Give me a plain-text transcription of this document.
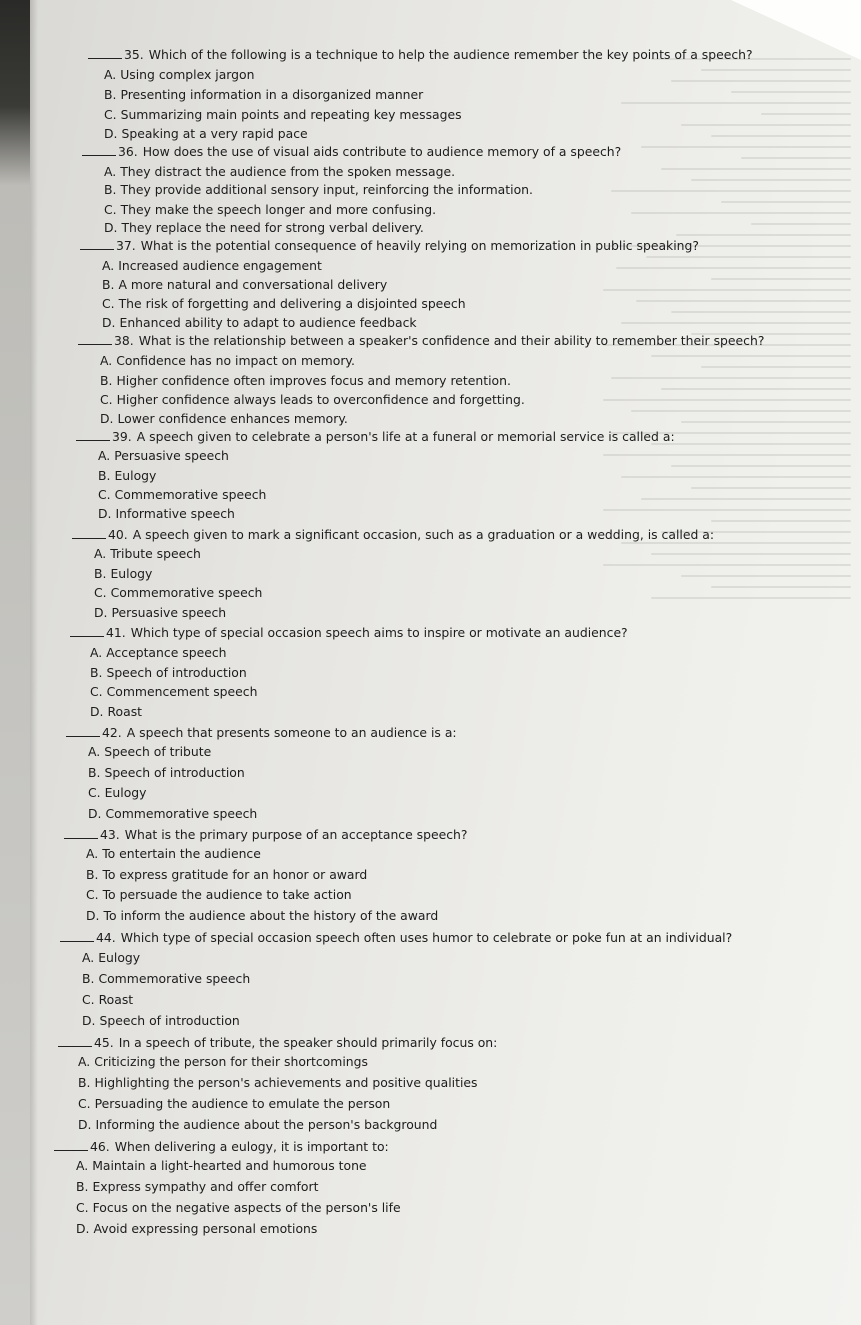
35. Which of the following is a technique to help the audience remember the key points of a speech?
A. Using complex jargon
B. Presenting information in a disorganized manner
C. Summarizing main points and repeating key messages
D. Speaking at a very rapid pace
36. How does the use of visual aids contribute to audience memory of a speech?
A. They distract the audience from the spoken message.
B. They provide additional sensory input, reinforcing the information.
C. They make the speech longer and more confusing.
D. They replace the need for strong verbal delivery.
37. What is the potential consequence of heavily relying on memorization in public speaking?
A. Increased audience engagement
B. A more natural and conversational delivery
C. The risk of forgetting and delivering a disjointed speech
D. Enhanced ability to adapt to audience feedback
38. What is the relationship between a speaker's confidence and their ability to remember their speech?
A. Confidence has no impact on memory.
B. Higher confidence often improves focus and memory retention.
C. Higher confidence always leads to overconfidence and forgetting.
D. Lower confidence enhances memory.
39. A speech given to celebrate a person's life at a funeral or memorial service is called a:
A. Persuasive speech
B. Eulogy
C. Commemorative speech
D. Informative speech
40. A speech given to mark a significant occasion, such as a graduation or a wedding, is called a:
A. Tribute speech
B. Eulogy
C. Commemorative speech
D. Persuasive speech
41. Which type of special occasion speech aims to inspire or motivate an audience?
A. Acceptance speech
B. Speech of introduction
C. Commencement speech
D. Roast
42. A speech that presents someone to an audience is a:
A. Speech of tribute
B. Speech of introduction
C. Eulogy
D. Commemorative speech
43. What is the primary purpose of an acceptance speech?
A. To entertain the audience
B. To express gratitude for an honor or award
C. To persuade the audience to take action
D. To inform the audience about the history of the award
44. Which type of special occasion speech often uses humor to celebrate or poke fun at an individual?
A. Eulogy
B. Commemorative speech
C. Roast
D. Speech of introduction
45. In a speech of tribute, the speaker should primarily focus on:
A. Criticizing the person for their shortcomings
B. Highlighting the person's achievements and positive qualities
C. Persuading the audience to emulate the person
D. Informing the audience about the person's background
46. When delivering a eulogy, it is important to:
A. Maintain a light-hearted and humorous tone
B. Express sympathy and offer comfort
C. Focus on the negative aspects of the person's life
D. Avoid expressing personal emotions
